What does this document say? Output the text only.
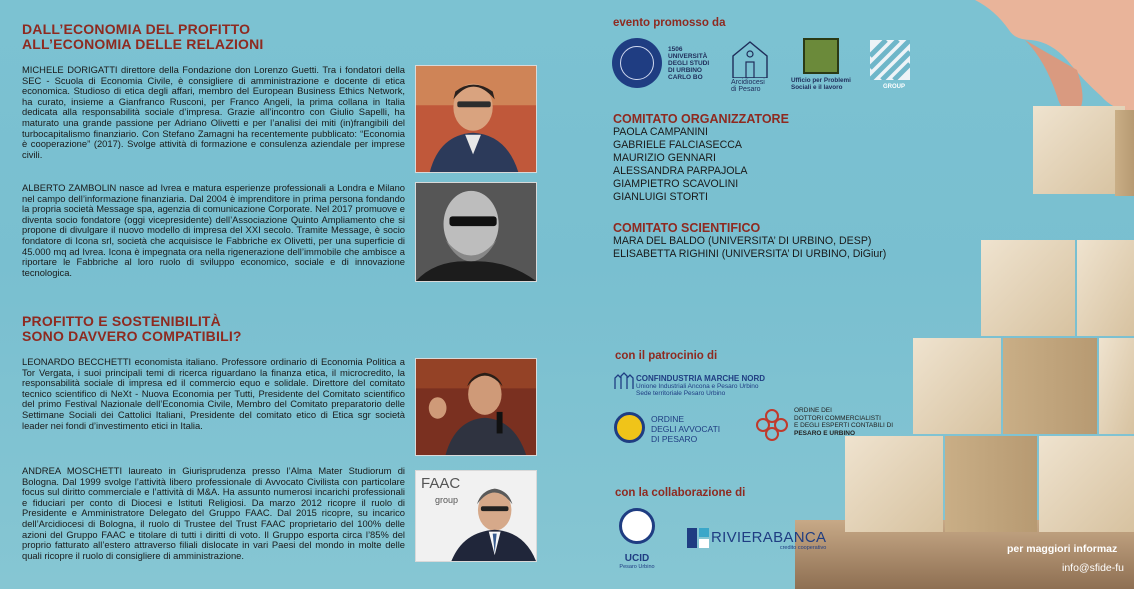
DALL’ECONOMIA DEL PROFITTO
ALL’ECONOMIA DELLE RELAZIONI
MICHELE DORIGATTI direttore della Fondazione don Lorenzo Guetti. Tra i fondatori della SEC - Scuola di Economia Civile, è consigliere di amministrazione e docente di etica economica. Studioso di etica degli affari, membro del European Business Ethics Network, ha curato, insieme a Gianfranco Rusconi, per Franco Angeli, la prima collana in Italia dedicata alla responsabilità sociale d’impresa. Grazie all’incontro con Giulio Sapelli, ha maturato una grande passione per Adriano Olivetti e per l’analisi dei miti (in)frangibili del turbocapitalismo finanziario. Con Stefano Zamagni ha recentemente pubblicato: “Economia è cooperazione” (2017). Svolge attività di formazione e consulenza aziendale per imprese civili.
ALBERTO ZAMBOLIN nasce ad Ivrea e matura esperienze professionali a Londra e Milano nel campo dell’informazione finanziaria. Dal 2004 è imprenditore in prima persona fondando la propria società Message spa, agenzia di comunicazione Corporate. Nel 2017 promuove e diventa socio fondatore (oggi vicepresidente) dell’Associazione Quinto Ampliamento che si propone di divulgare il nuovo modello di impresa del XXI secolo. Tramite Message, è socio fondatore di Icona srl, società che acquisisce le Fabbriche ex Olivetti, per una superficie di 45.000 mq ad Ivrea. Icona è impegnata ora nella rigenerazione dell’immobile che ambisce a riportare le Fabbriche al loro ruolo di sviluppo economico, sociale e di innovazione tecnologica.
PROFITTO E SOSTENIBILITÀ
SONO DAVVERO COMPATIBILI?
LEONARDO BECCHETTI economista italiano. Professore ordinario di Economia Politica a Tor Vergata, i suoi principali temi di ricerca riguardano la finanza etica, il microcredito, la responsabilità sociale di impresa ed il commercio equo e solidale. Direttore del comitato tecnico scientifico di NeXt - Nuova Economia per Tutti, Presidente del Comitato scientifico del primo Festival Nazionale dell’Economia Civile, Membro del Comitato preparatorio delle Settimane Sociali dei Cattolici Italiani, Presidente del comitato etico di Etica sgr società leader nei fondi d’investimento etici in Italia.
ANDREA MOSCHETTI laureato in Giurisprudenza presso l’Alma Mater Studiorum di Bologna. Dal 1999 svolge l’attività libero professionale di Avvocato Civilista con particolare focus sul diritto commerciale e l’attività di M&A. Ha assunto numerosi incarichi professionali e fiduciari per conto di Diocesi e Istituti Religiosi. Da marzo 2012 ricopre il ruolo di Presidente e Amministratore Delegato del Gruppo FAAC. Dal 2015 ricopre, su incarico dell’Arcidiocesi di Bologna, il ruolo di Trustee del Trust FAAC proprietario del 100% delle azioni del Gruppo FAAC e titolare di tutti i diritti di voto. Il Gruppo esporta circa l’85% del proprio fatturato all’estero attraverso filiali dislocate in vari Paesi del mondo in molte delle quali ricopre il ruolo di consigliere di amministrazione.
FAAC
group
evento promosso da
1506
UNIVERSITÀ
DEGLI STUDI
DI URBINO
CARLO BO
Arcidiocesi
di Pesaro
Ufficio per Problemi
Sociali e il lavoro	GROUP
COMITATO ORGANIZZATORE
PAOLA CAMPANINI
GABRIELE FALCIASECCA
MAURIZIO GENNARI
ALESSANDRA PARPAJOLA
GIAMPIETRO SCAVOLINI
GIANLUIGI STORTI
COMITATO SCIENTIFICO
MARA DEL BALDO (UNIVERSITA’ DI URBINO, DESP)
ELISABETTA RIGHINI (UNIVERSITA’ DI URBINO, DiGiur)
con il patrocinio di
CONFINDUSTRIA MARCHE NORD
Unione Industriali Ancona e Pesaro Urbino
Sede territoriale Pesaro Urbino
ORDINE
DEGLI AVVOCATI
DI PESARO
ORDINE DEI
DOTTORI COMMERCIALISTI
E DEGLI ESPERTI CONTABILI DI
PESARO E URBINO
con la collaborazione di
UCID
Pesaro Urbino
RIVIERABANCA
credito cooperativo	per maggiori informaz
info@sfide-fu
